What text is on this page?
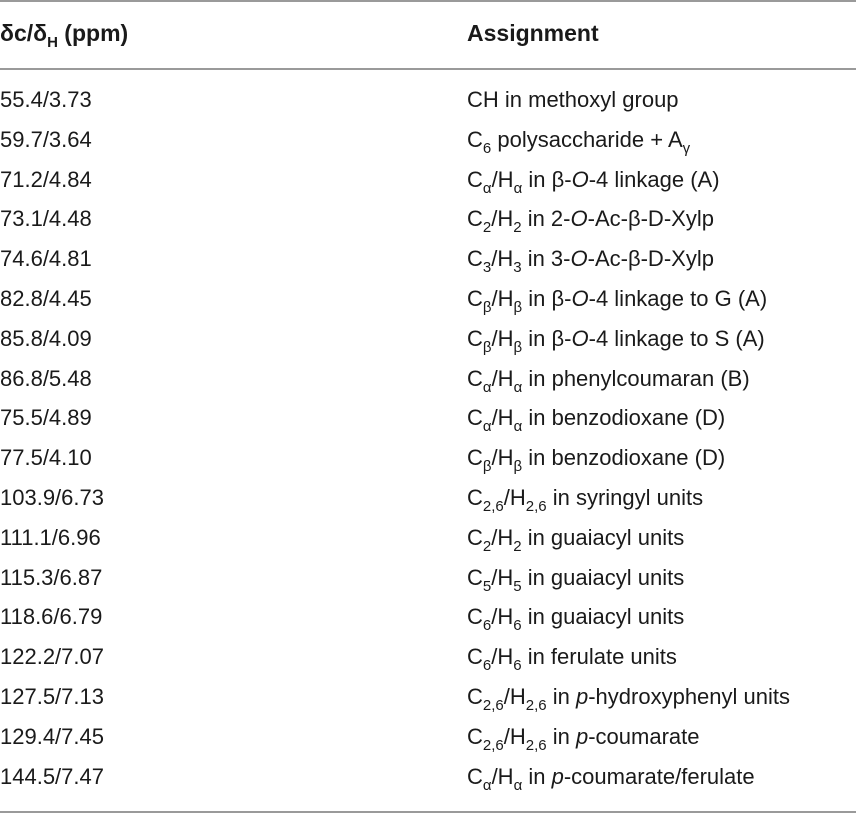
$\delta c/\delta_H$ (ppm)	Assignment
55.4/3.73	CH in methoxyl group
59.7/3.64	$C_6$ polysaccharide + $A_\gamma$
71.2/4.84	$C_\alpha/H_\alpha$ in β-O-4 linkage (A)
73.1/4.48	$C_2/H_2$ in 2-O-Ac-β-D-Xylp
74.6/4.81	$C_3/H_3$ in 3-O-Ac-β-D-Xylp
82.8/4.45	$C_\beta/H_\beta$ in β-O-4 linkage to G (A)
85.8/4.09	$C_\beta/H_\beta$ in β-O-4 linkage to S (A)
86.8/5.48	$C_\alpha/H_\alpha$ in phenylcoumaran (B)
75.5/4.89	$C_\alpha/H_\alpha$ in benzodioxane (D)
77.5/4.10	$C_\beta/H_\beta$ in benzodioxane (D)
103.9/6.73	$C_{2,6}/H_{2,6}$ in syringyl units
111.1/6.96	$C_2/H_2$ in guaiacyl units
115.3/6.87	$C_5/H_5$ in guaiacyl units
118.6/6.79	$C_6/H_6$ in guaiacyl units
122.2/7.07	$C_6/H_6$ in ferulate units
127.5/7.13	$C_{2,6}/H_{2,6}$ in p-hydroxyphenyl units
129.4/7.45	$C_{2,6}/H_{2,6}$ in p-coumarate
144.5/7.47	$C_\alpha/H_\alpha$ in p-coumarate/ferulate
